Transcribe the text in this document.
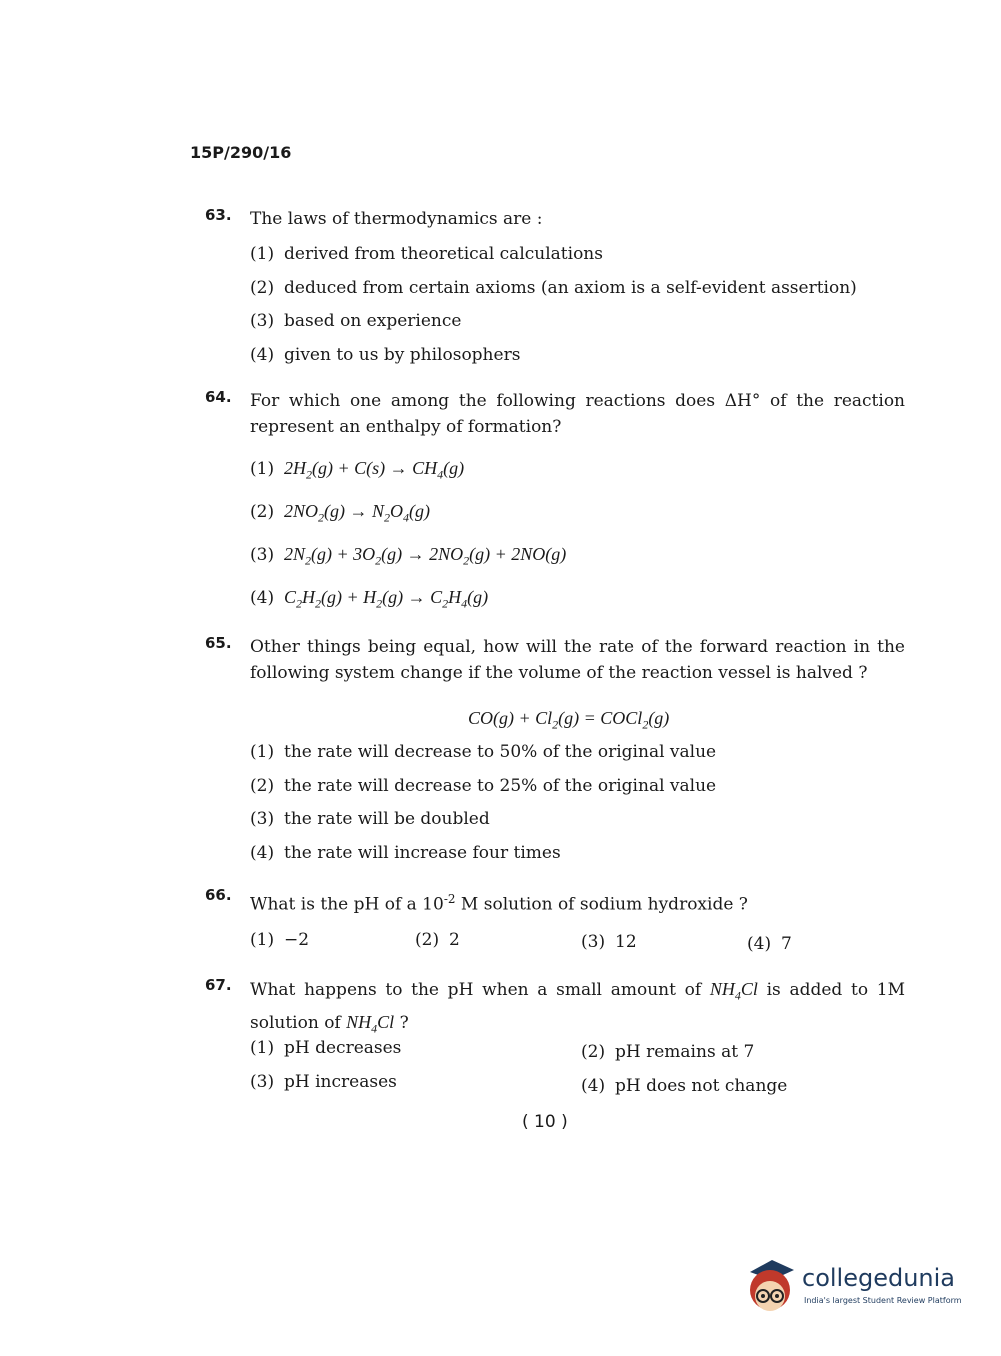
15P/290/16
63. The laws of thermodynamics are :
(1) derived from theoretical calculations
(2) deduced from certain axioms (an axiom is a self-evident assertion)
(3) based on experience
(4) given to us by philosophers
64. For which one among the following reactions does ΔH° of the reaction represent an enthalpy of formation?
(1) $2H_2(g) + C(s) \to CH_4(g)$
(2) $2NO_2(g) \to N_2O_4(g)$
(3) $2N_2(g) + 3O_2(g) \to 2NO_2(g) + 2NO(g)$
(4) $C_2H_2(g) + H_2(g) \to C_2H_4(g)$
65. Other things being equal, how will the rate of the forward reaction in the following system change if the volume of the reaction vessel is halved ?
$CO(g) + Cl_2(g)$ = COCl$_2$(g)
(1) the rate will decrease to 50% of the original value
(2) the rate will decrease to 25% of the original value
(3) the rate will be doubled
(4) the rate will increase four times
66. What is the pH of a $10^{-2}$ M solution of sodium hydroxide ?
(1) −2	(2) 2	(3) 12	(4) 7
67. What happens to the pH when a small amount of $NH_4Cl$ is added to 1M solution of $NH_4Cl$ ?
(1) pH decreases	(2) pH remains at 7
(3) pH increases	(4) pH does not change
( 10 )
collegedunia
India's largest Student Review Platform
